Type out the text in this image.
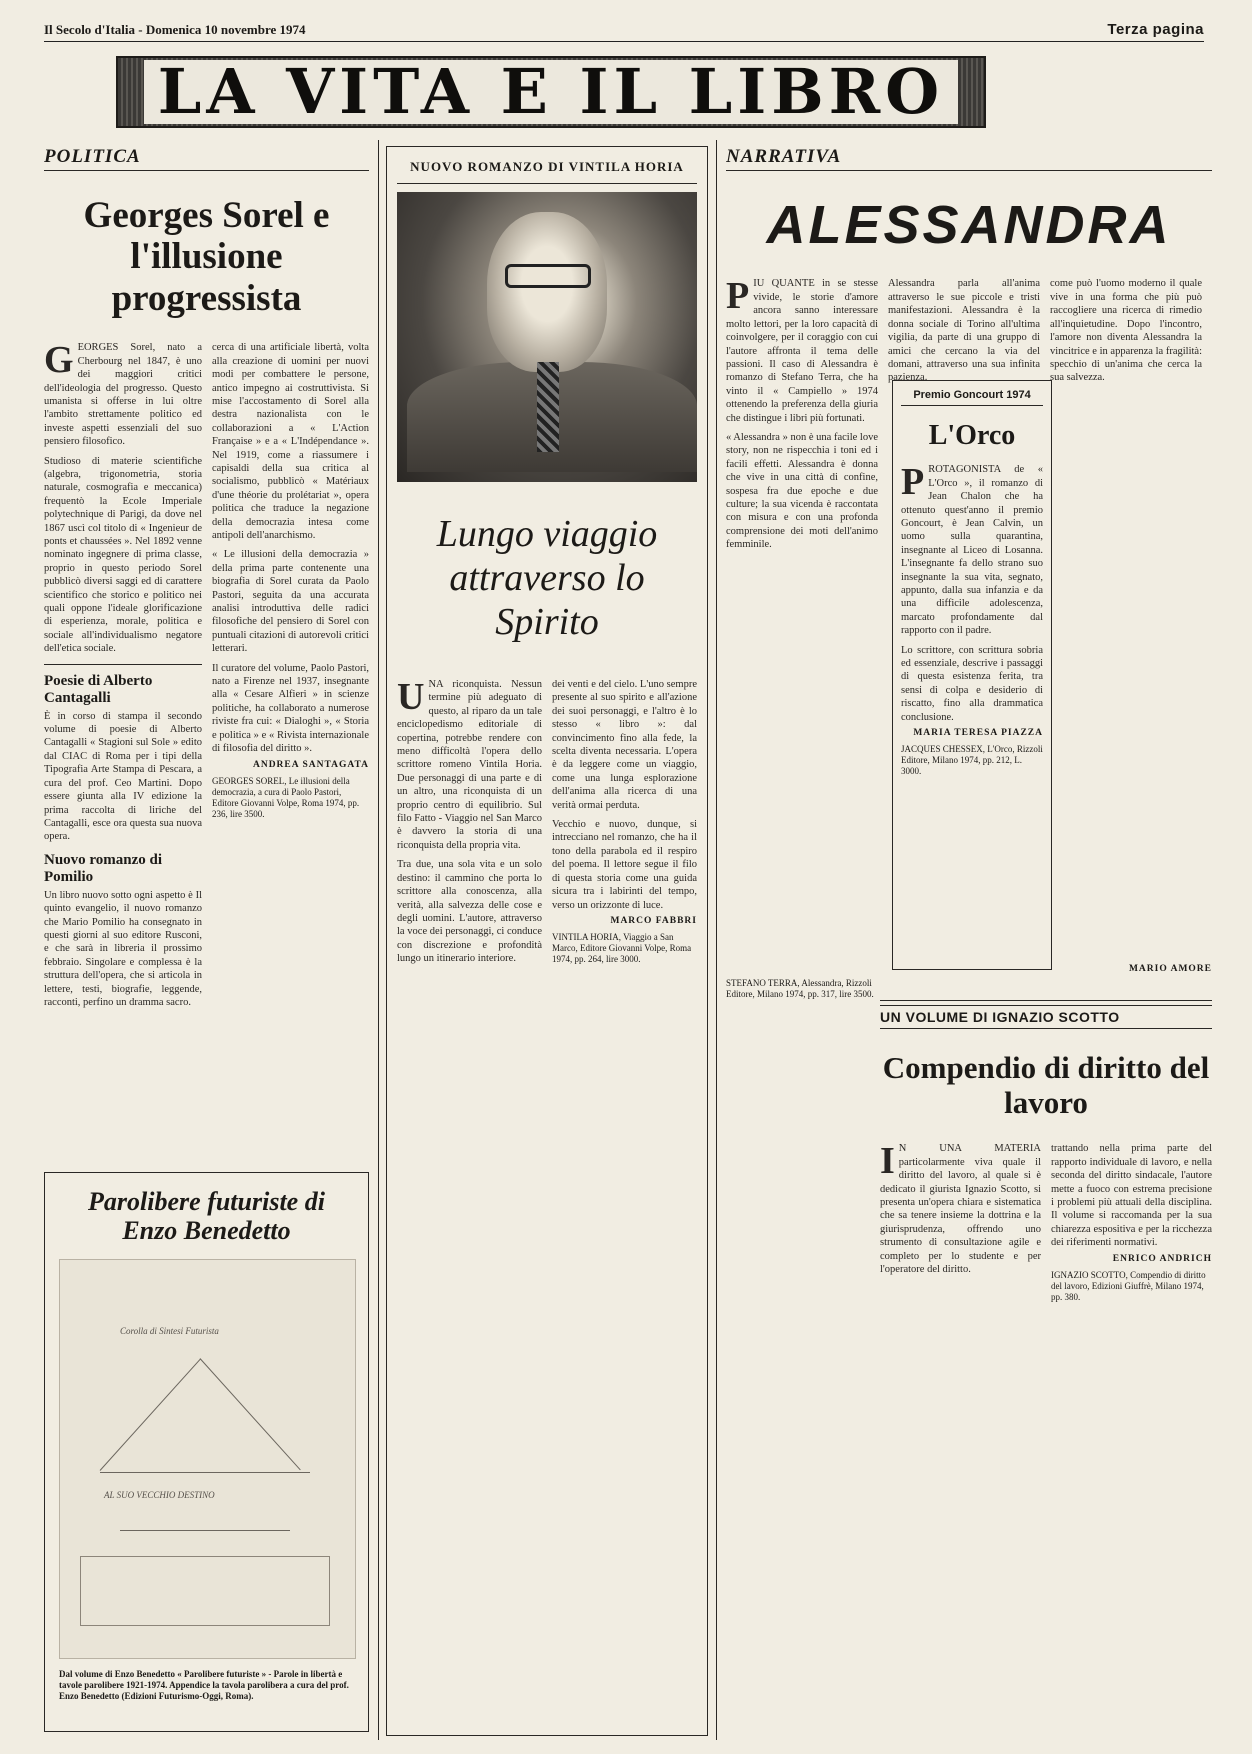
Il Secolo d'Italia - Domenica 10 novembre 1974	Terza pagina
LA VITA E IL LIBRO
POLITICA
Georges Sorel e l'illusione progressista

GEORGES Sorel, nato a Cherbourg nel 1847, è uno dei maggiori critici dell'ideologia del progresso. Questo umanista si offerse in lui oltre l'ambito strettamente politico ed investe aspetti essenziali del suo pensiero filosofico.

Studioso di materie scientifiche (algebra, trigonometria, storia naturale, cosmografia e meccanica) frequentò la Ecole Imperiale polytechnique di Parigi, da dove nel 1867 uscì col titolo di « Ingenieur de ponts et chaussées ». Nel 1892 venne nominato ingegnere di prima classe, proprio in questo periodo Sorel pubblicò diversi saggi ed di carattere scientifico che storico e politico nei quali oppone l'ideale glorificazione di esperienza, morale, politica e sociale all'individualismo negatore dell'etica sociale.

Poesie di Alberto Cantagalli

È in corso di stampa il secondo volume di poesie di Alberto Cantagalli « Stagioni sul Sole » edito dal CIAC di Roma per i tipi della Tipografia Arte Stampa di Pescara, a cura del prof. Ceo Martini. Dopo essere giunta alla IV edizione la prima raccolta di liriche del Cantagalli, esce ora questa sua nuova opera.

Nuovo romanzo di Pomilio

Un libro nuovo sotto ogni aspetto è Il quinto evangelio, il nuovo romanzo che Mario Pomilio ha consegnato in questi giorni al suo editore Rusconi, e che sarà in libreria il prossimo febbraio. Singolare e complessa è la struttura dell'opera, che si articola in lettere, testi, biografie, leggende, racconti, perfino un dramma sacro.

cerca di una artificiale libertà, volta alla creazione di uomini per nuovi modi per combattere le persone, antico impegno ai costruttivista. Si mise l'accostamento di Sorel alla destra nazionalista con le collaborazioni a « L'Action Française » e a « L'Indépendance ». Nel 1919, come a riassumere i capisaldi della sua critica al socialismo, pubblicò « Matériaux d'une théorie du prolétariat », opera politica che traduce la negazione della democrazia intesa come antipoli dell'anarchismo.

« Le illusioni della democrazia » della prima parte contenente una biografia di Sorel curata da Paolo Pastori, seguita da una accurata analisi introduttiva delle radici filosofiche del pensiero di Sorel con puntuali citazioni di autorevoli critici letterari.

Il curatore del volume, Paolo Pastori, nato a Firenze nel 1937, insegnante alla « Cesare Alfieri » in scienze politiche, ha collaborato a numerose riviste fra cui: « Dialoghi », « Storia e politica » e « Rivista internazionale di filosofia del diritto ».

ANDREA SANTAGATA

GEORGES SOREL, Le illusioni della democrazia, a cura di Paolo Pastori, Editore Giovanni Volpe, Roma 1974, pp. 236, lire 3500.

Parolibere futuriste di Enzo Benedetto
Corolla di Sintesi Futurista
AL SUO VECCHIO DESTINO

Dal volume di Enzo Benedetto « Parolibere futuriste » - Parole in libertà e tavole parolibere 1921-1974. Appendice la tavola parolibera a cura del prof. Enzo Benedetto (Edizioni Futurismo-Oggi, Roma).

NUOVO ROMANZO DI VINTILA HORIA
Lungo viaggio attraverso lo Spirito

UNA riconquista. Nessun termine più adeguato di questo, al riparo da un tale enciclopedismo editoriale di copertina, potrebbe rendere con meno difficoltà l'opera dello scrittore romeno Vintila Horia. Due personaggi di una parte e di un altro, una riconquista di un proprio centro di equilibrio. Sul filo Fatto - Viaggio nel San Marco è davvero la storia di una riconquista della propria vita.

Tra due, una sola vita e un solo destino: il cammino che porta lo scrittore alla conoscenza, alla verità, alla salvezza delle cose e degli uomini. L'autore, attraverso la voce dei personaggi, ci conduce con discrezione e profondità lungo un itinerario interiore.

dei venti e del cielo. L'uno sempre presente al suo spirito e all'azione dei suoi personaggi, e l'altro è lo stesso « libro »: dal convincimento fino alla fede, la scelta diventa necessaria. L'opera è da leggere come un viaggio, come una lunga esplorazione dell'anima alla ricerca di una verità ormai perduta.

Vecchio e nuovo, dunque, si intrecciano nel romanzo, che ha il tono della parabola ed il respiro del poema. Il lettore segue il filo di questa storia come una guida sicura tra i labirinti del tempo, verso un orizzonte di luce.

MARCO FABBRI

VINTILA HORIA, Viaggio a San Marco, Editore Giovanni Volpe, Roma 1974, pp. 264, lire 3000.

NARRATIVA
ALESSANDRA

PIU QUANTE in se stesse vivide, le storie d'amore ancora sanno interessare molto lettori, per la loro capacità di coinvolgere, per il coraggio con cui l'autore affronta il tema delle passioni. Il caso di Alessandra è romanzo di Stefano Terra, che ha vinto il « Campiello » 1974 ottenendo la preferenza della giuria che distingue i libri più fortunati.

« Alessandra » non è una facile love story, non ne rispecchia i toni ed i facili effetti. Alessandra è donna che vive in una città di confine, sospesa fra due epoche e due culture; la sua vicenda è raccontata con misura e con una profonda comprensione dei moti dell'animo femminile.

Alessandra parla all'anima attraverso le sue piccole e tristi manifestazioni. Alessandra è la donna sociale di Torino all'ultima vigilia, da parte di una gruppo di amici che cercano la via del domani, attraverso una sua infinita pazienza.

come può l'uomo moderno il quale vive in una forma che più può raccogliere una ricerca di rimedio all'inquietudine. Dopo l'incontro, l'amore non diventa Alessandra la vincitrice e in apparenza la fragilità: specchio di un'anima che cerca la sua salvezza.

Premio Goncourt 1974
L'Orco

PROTAGONISTA de « L'Orco », il romanzo di Jean Chalon che ha ottenuto quest'anno il premio Goncourt, è Jean Calvin, un uomo sulla quarantina, insegnante al Liceo di Losanna. L'insegnante fa dello strano suo insegnante la sua vita, segnato, appunto, dalla sua infanzia e da una difficile adolescenza, marcato profondamente dal rapporto con il padre.

Lo scrittore, con scrittura sobria ed essenziale, descrive i passaggi di questa esistenza ferita, tra sensi di colpa e desiderio di riscatto, fino alla drammatica conclusione.

MARIA TERESA PIAZZA

JACQUES CHESSEX, L'Orco, Rizzoli Editore, Milano 1974, pp. 212, L. 3000.

MARIO AMORE

STEFANO TERRA, Alessandra, Rizzoli Editore, Milano 1974, pp. 317, lire 3500.

UN VOLUME DI IGNAZIO SCOTTO
Compendio di diritto del lavoro

I N UNA MATERIA particolarmente viva quale il diritto del lavoro, al quale si è dedicato il giurista Ignazio Scotto, si presenta un'opera chiara e sistematica che sa tenere insieme la dottrina e la giurisprudenza, offrendo uno strumento di consultazione agile e completo per lo studente e per l'operatore del diritto.

trattando nella prima parte del rapporto individuale di lavoro, e nella seconda del diritto sindacale, l'autore mette a fuoco con estrema precisione i problemi più attuali della disciplina. Il volume si raccomanda per la sua chiarezza espositiva e per la ricchezza dei riferimenti normativi.

ENRICO ANDRICH

IGNAZIO SCOTTO, Compendio di diritto del lavoro, Edizioni Giuffrè, Milano 1974, pp. 380.
